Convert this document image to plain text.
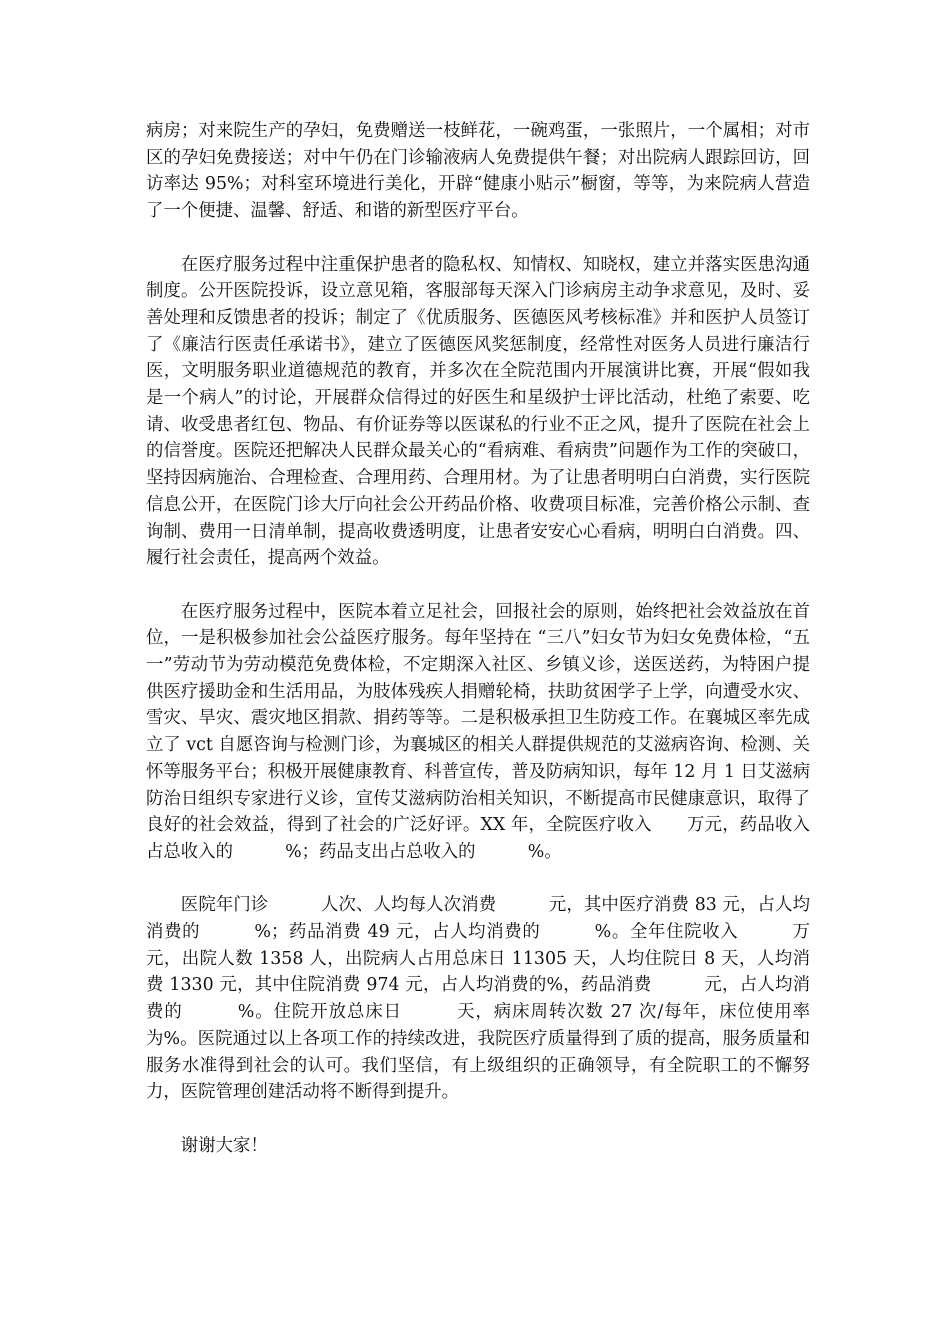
病房；对来院生产的孕妇，免费赠送一枝鲜花，一碗鸡蛋，一张照片，一个属相；对市区的孕妇免费接送；对中午仍在门诊输液病人免费提供午餐；对出院病人跟踪回访，回访率达 95%；对科室环境进行美化，开辟“健康小贴示”橱窗，等等，为来院病人营造了一个便捷、温馨、舒适、和谐的新型医疗平台。

在医疗服务过程中注重保护患者的隐私权、知情权、知晓权，建立并落实医患沟通制度。公开医院投诉，设立意见箱，客服部每天深入门诊病房主动争求意见，及时、妥善处理和反馈患者的投诉；制定了《优质服务、医德医风考核标准》并和医护人员签订了《廉洁行医责任承诺书》，建立了医德医风奖惩制度，经常性对医务人员进行廉洁行医，文明服务职业道德规范的教育，并多次在全院范围内开展演讲比赛，开展“假如我是一个病人”的讨论，开展群众信得过的好医生和星级护士评比活动，杜绝了索要、吃请、收受患者红包、物品、有价证券等以医谋私的行业不正之风，提升了医院在社会上的信誉度。医院还把解决人民群众最关心的“看病难、看病贵”问题作为工作的突破口，坚持因病施治、合理检查、合理用药、合理用材。为了让患者明明白白消费，实行医院信息公开，在医院门诊大厅向社会公开药品价格、收费项目标准，完善价格公示制、查询制、费用一日清单制，提高收费透明度，让患者安安心心看病，明明白白消费。四、履行社会责任，提高两个效益。

在医疗服务过程中，医院本着立足社会，回报社会的原则，始终把社会效益放在首位，一是积极参加社会公益医疗服务。每年坚持在 “三八”妇女节为妇女免费体检，“五一”劳动节为劳动模范免费体检，不定期深入社区、乡镇义诊，送医送药，为特困户提供医疗援助金和生活用品，为肢体残疾人捐赠轮椅，扶助贫困学子上学，向遭受水灾、雪灾、旱灾、震灾地区捐款、捐药等等。二是积极承担卫生防疫工作。在襄城区率先成立了 vct 自愿咨询与检测门诊，为襄城区的相关人群提供规范的艾滋病咨询、检测、关怀等服务平台；积极开展健康教育、科普宣传，普及防病知识，每年 12 月 1 日艾滋病防治日组织专家进行义诊，宣传艾滋病防治相关知识，不断提高市民健康意识，取得了良好的社会效益，得到了社会的广泛好评。XX 年，全院医疗收入　　万元，药品收入占总收入的　　　%；药品支出占总收入的　　　%。

医院年门诊　　　人次、人均每人次消费　　　元，其中医疗消费 83 元，占人均消费的　　　%；药品消费 49 元，占人均消费的　　　%。全年住院收入　　　万元，出院人数 1358 人，出院病人占用总床日 11305 天，人均住院日 8 天，人均消费 1330 元，其中住院消费 974 元，占人均消费的%，药品消费　　　元，占人均消费的　　　%。住院开放总床日　　　天，病床周转次数 27 次/每年，床位使用率为%。医院通过以上各项工作的持续改进，我院医疗质量得到了质的提高，服务质量和服务水准得到社会的认可。我们坚信，有上级组织的正确领导，有全院职工的不懈努力，医院管理创建活动将不断得到提升。

谢谢大家！
